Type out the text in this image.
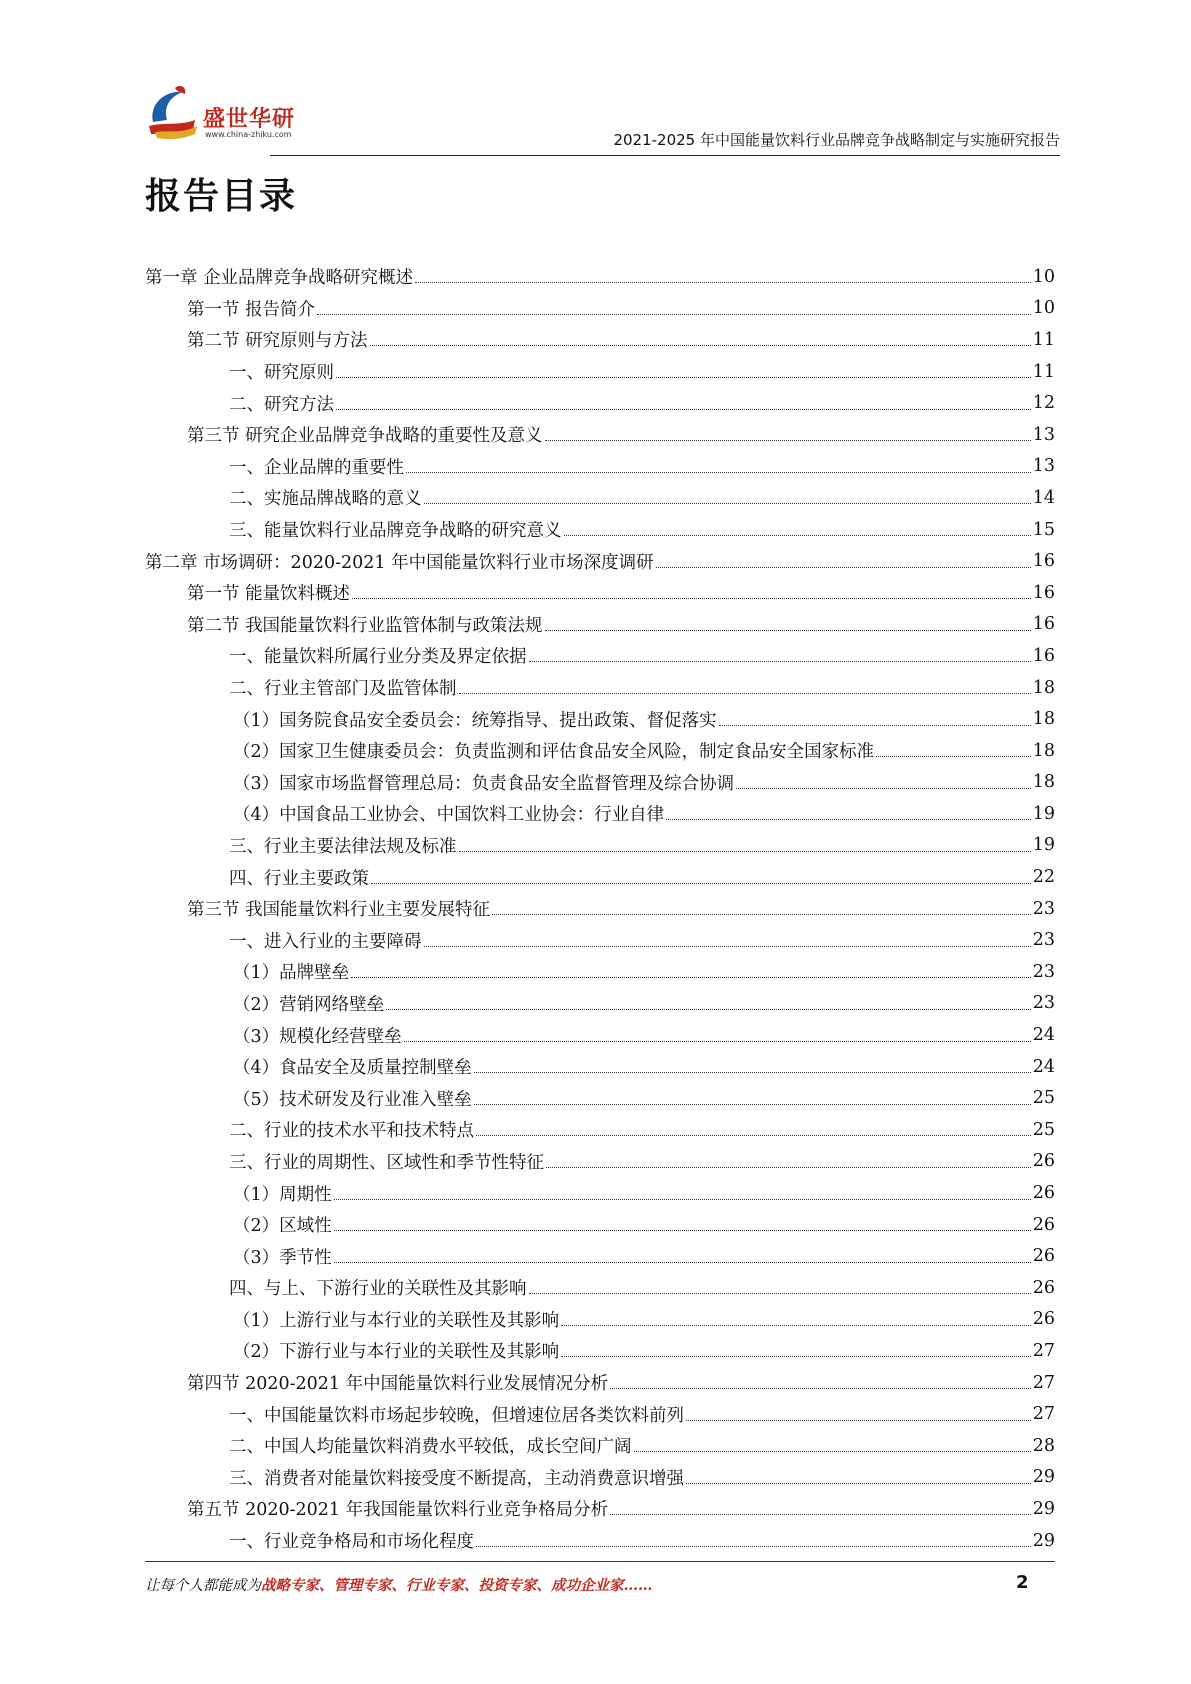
盛世华研
www.china-zhiku.com	2021-2025 年中国能量饮料行业品牌竞争战略制定与实施研究报告
报告目录
第一章 企业品牌竞争战略研究概述	10
第一节 报告简介	10
第二节 研究原则与方法	11
一、研究原则	11
二、研究方法	12
第三节 研究企业品牌竞争战略的重要性及意义	13
一、企业品牌的重要性	13
二、实施品牌战略的意义	14
三、能量饮料行业品牌竞争战略的研究意义	15
第二章 市场调研：2020-2021 年中国能量饮料行业市场深度调研	16
第一节 能量饮料概述	16
第二节 我国能量饮料行业监管体制与政策法规	16
一、能量饮料所属行业分类及界定依据	16
二、行业主管部门及监管体制	18
（1）国务院食品安全委员会：统筹指导、提出政策、督促落实	18
（2）国家卫生健康委员会：负责监测和评估食品安全风险，制定食品安全国家标准	18
（3）国家市场监督管理总局：负责食品安全监督管理及综合协调	18
（4）中国食品工业协会、中国饮料工业协会：行业自律	19
三、行业主要法律法规及标准	19
四、行业主要政策	22
第三节 我国能量饮料行业主要发展特征	23
一、进入行业的主要障碍	23
（1）品牌壁垒	23
（2）营销网络壁垒	23
（3）规模化经营壁垒	24
（4）食品安全及质量控制壁垒	24
（5）技术研发及行业准入壁垒	25
二、行业的技术水平和技术特点	25
三、行业的周期性、区域性和季节性特征	26
（1）周期性	26
（2）区域性	26
（3）季节性	26
四、与上、下游行业的关联性及其影响	26
（1）上游行业与本行业的关联性及其影响	26
（2）下游行业与本行业的关联性及其影响	27
第四节 2020-2021 年中国能量饮料行业发展情况分析	27
一、中国能量饮料市场起步较晚，但增速位居各类饮料前列	27
二、中国人均能量饮料消费水平较低，成长空间广阔	28
三、消费者对能量饮料接受度不断提高，主动消费意识增强	29
第五节 2020-2021 年我国能量饮料行业竞争格局分析	29
一、行业竞争格局和市场化程度	29
让每个人都能成为战略专家、管理专家、行业专家、投资专家、成功企业家……	2
